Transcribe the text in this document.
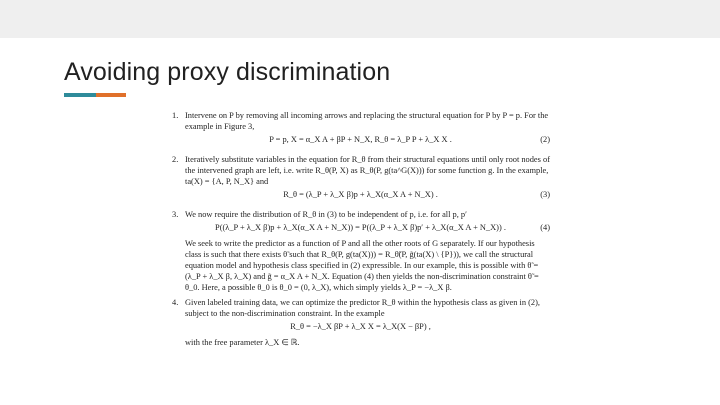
Avoiding proxy discrimination
1. Intervene on P by removing all incoming arrows and replacing the structural equation for P by P = p. For the example in Figure 3,
P = p, X = α_X A + βP + N_X, R_θ = λ_P P + λ_X X .	(2)
2. Iteratively substitute variables in the equation for R_θ from their structural equations until only root nodes of the intervened graph are left, i.e. write R_θ(P, X) as R_θ(P, g(ta^G(X))) for some function g. In the example, ta(X) = {A, P, N_X} and
R_θ = (λ_P + λ_X β)p + λ_X(α_X A + N_X) .	(3)
3. We now require the distribution of R_θ in (3) to be independent of p, i.e. for all p, p′
P((λ_P + λ_X β)p + λ_X(α_X A + N_X)) = P((λ_P + λ_X β)p′ + λ_X(α_X A + N_X)) .	(4)
We seek to write the predictor as a function of P and all the other roots of G separately. If our hypothesis class is such that there exists θ̃ such that R_θ(P, g(ta(X))) = R_θ̃(P, g̃(ta(X) \ {P})), we call the structural equation model and hypothesis class specified in (2) expressible. In our example, this is possible with θ̃ = (λ_P + λ_X β, λ_X) and g̃ = α_X A + N_X. Equation (4) then yields the non-discrimination constraint θ̃ = θ_0. Here, a possible θ_0 is θ_0 = (0, λ_X), which simply yields λ_P = −λ_X β.
4. Given labeled training data, we can optimize the predictor R_θ within the hypothesis class as given in (2), subject to the non-discrimination constraint. In the example
R_θ = −λ_X βP + λ_X X = λ_X(X − βP) ,
with the free parameter λ_X ∈ ℝ.
